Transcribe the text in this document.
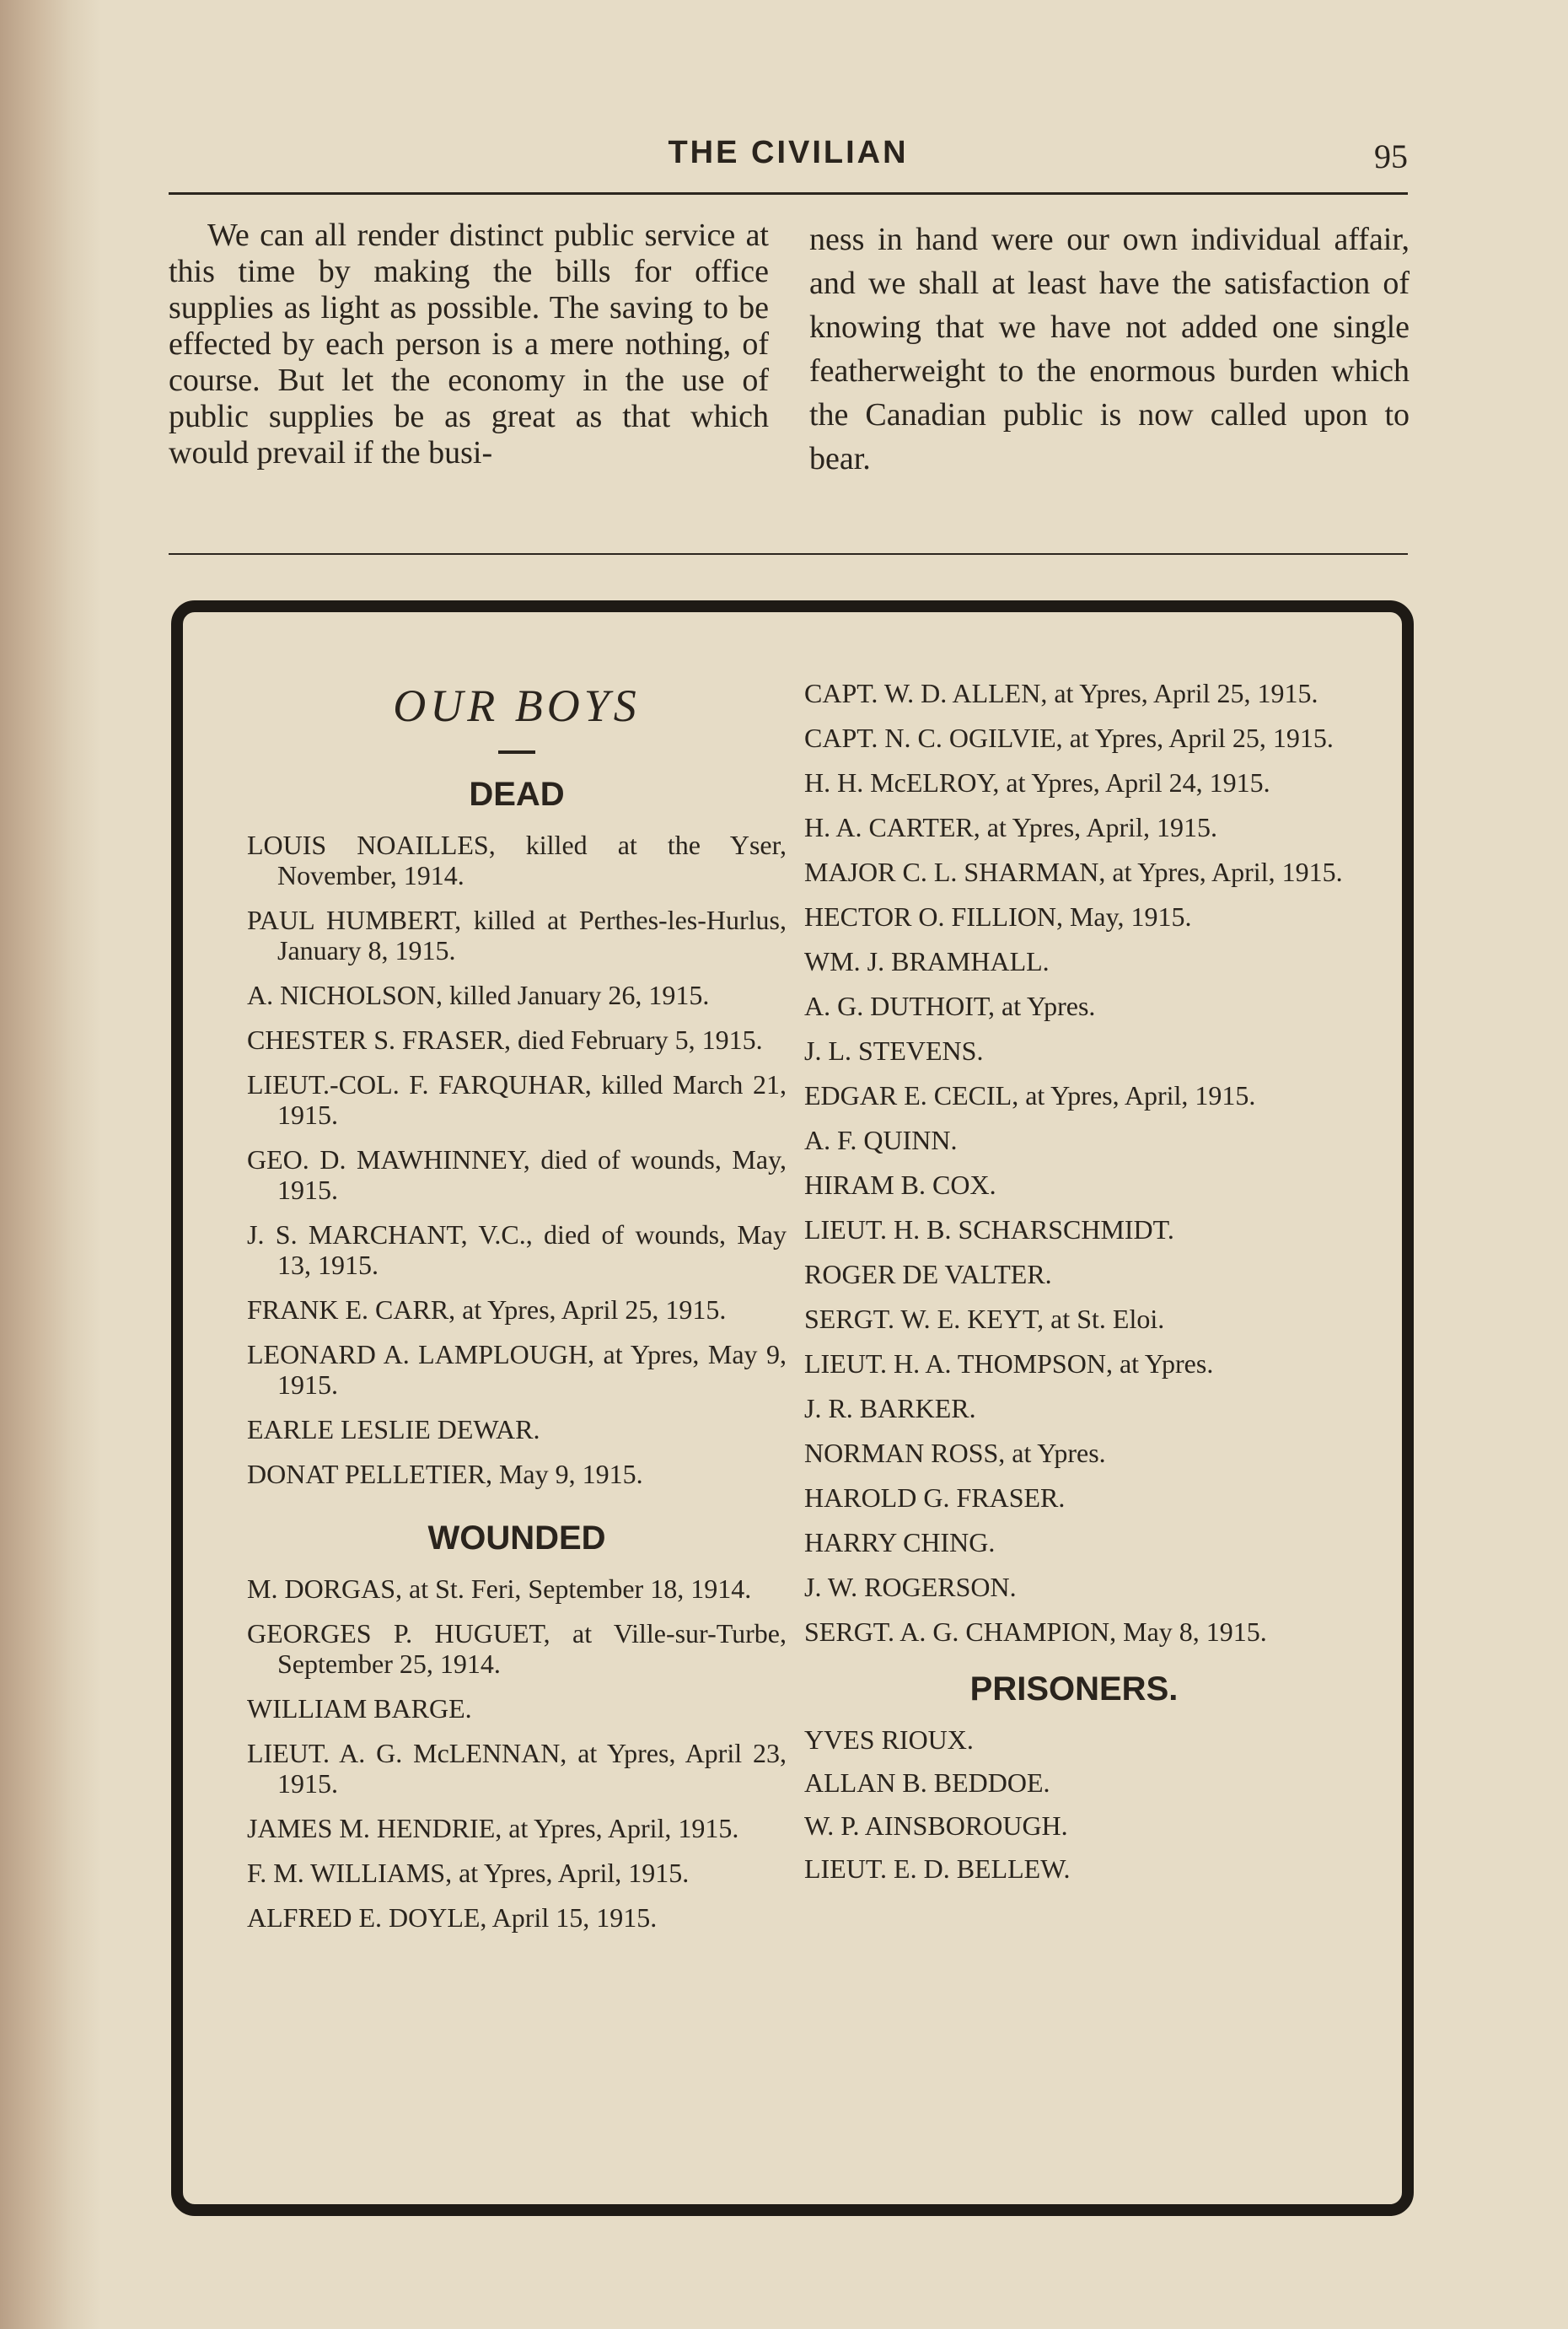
THE CIVILIAN	95

We can all render distinct public service at this time by making the bills for office supplies as light as possible. The saving to be effected by each person is a mere nothing, of course. But let the economy in the use of public supplies be as great as that which would prevail if the busi-

ness in hand were our own individual affair, and we shall at least have the satisfaction of knowing that we have not added one single featherweight to the enormous burden which the Canadian public is now called upon to bear.

OUR BOYS
DEAD

LOUIS NOAILLES, killed at the Yser, November, 1914.

PAUL HUMBERT, killed at Perthes-les-Hurlus, January 8, 1915.

A. NICHOLSON, killed January 26, 1915.

CHESTER S. FRASER, died February 5, 1915.

LIEUT.-COL. F. FARQUHAR, killed March 21, 1915.

GEO. D. MAWHINNEY, died of wounds, May, 1915.

J. S. MARCHANT, V.C., died of wounds, May 13, 1915.

FRANK E. CARR, at Ypres, April 25, 1915.

LEONARD A. LAMPLOUGH, at Ypres, May 9, 1915.

EARLE LESLIE DEWAR.

DONAT PELLETIER, May 9, 1915.

WOUNDED

M. DORGAS, at St. Feri, September 18, 1914.

GEORGES P. HUGUET, at Ville-sur-Turbe, September 25, 1914.

WILLIAM BARGE.

LIEUT. A. G. McLENNAN, at Ypres, April 23, 1915.

JAMES M. HENDRIE, at Ypres, April, 1915.

F. M. WILLIAMS, at Ypres, April, 1915.

ALFRED E. DOYLE, April 15, 1915.

CAPT. W. D. ALLEN, at Ypres, April 25, 1915.

CAPT. N. C. OGILVIE, at Ypres, April 25, 1915.

H. H. McELROY, at Ypres, April 24, 1915.

H. A. CARTER, at Ypres, April, 1915.

MAJOR C. L. SHARMAN, at Ypres, April, 1915.

HECTOR O. FILLION, May, 1915.

WM. J. BRAMHALL.

A. G. DUTHOIT, at Ypres.

J. L. STEVENS.

EDGAR E. CECIL, at Ypres, April, 1915.

A. F. QUINN.

HIRAM B. COX.

LIEUT. H. B. SCHARSCHMIDT.

ROGER DE VALTER.

SERGT. W. E. KEYT, at St. Eloi.

LIEUT. H. A. THOMPSON, at Ypres.

J. R. BARKER.

NORMAN ROSS, at Ypres.

HAROLD G. FRASER.

HARRY CHING.

J. W. ROGERSON.

SERGT. A. G. CHAMPION, May 8, 1915.

PRISONERS.

YVES RIOUX.

ALLAN B. BEDDOE.

W. P. AINSBOROUGH.

LIEUT. E. D. BELLEW.
